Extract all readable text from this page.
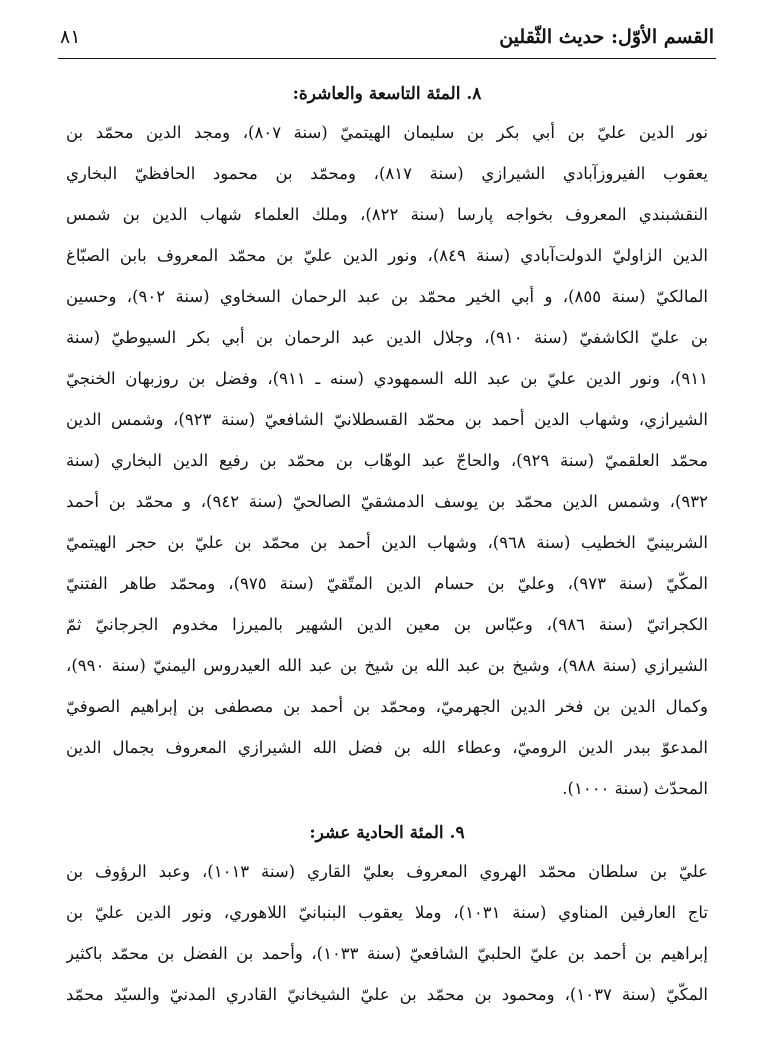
القسم الأوّل: حديث الثّقلين
٨١
٨. المئة التاسعة والعاشرة:
نور الدين عليّ بن أبي بكر بن سليمان الهيتميّ (سنة ٨٠٧)، ومجد الدين محمّد بن
يعقوب الفيروزآبادي الشيرازي (سنة ٨١٧)، ومحمّد بن محمود الحافظيّ البخاري
النقشبندي المعروف بخواجه پارسا (سنة ٨٢٢)، وملك العلماء شهاب الدين بن شمس
الدين الزاوليّ الدولت‌آبادي (سنة ٨٤٩)، ونور الدين عليّ بن محمّد المعروف بابن الصبّاغ
المالكيّ (سنة ٨٥٥)، و أبي الخير محمّد بن عبد الرحمان السخاوي (سنة ٩٠٢)، وحسين
بن عليّ الكاشفيّ (سنة ٩١٠)، وجلال الدين عبد الرحمان بن أبي بكر السيوطيّ (سنة
٩١١)، ونور الدين عليّ بن عبد الله السمهودي (سنه ـ ٩١١)، وفضل بن روزبهان الخنجيّ
الشيرازي، وشهاب الدين أحمد بن محمّد القسطلانيّ الشافعيّ (سنة ٩٢٣)، وشمس الدين
محمّد العلقميّ (سنة ٩٢٩)، والحاجّ عبد الوهّاب بن محمّد بن رفيع الدين البخاري (سنة
٩٣٢)، وشمس الدين محمّد بن يوسف الدمشقيّ الصالحيّ (سنة ٩٤٢)، و محمّد بن أحمد
الشربينيّ الخطيب (سنة ٩٦٨)، وشهاب الدين أحمد بن محمّد بن عليّ بن حجر الهيتميّ
المكّيّ (سنة ٩٧٣)، وعليّ بن حسام الدين المتّقيّ (سنة ٩٧٥)، ومحمّد طاهر الفتنيّ
الكجراتيّ (سنة ٩٨٦)، وعبّاس بن معين الدين الشهير بالميرزا مخدوم الجرجانيّ ثمّ
الشيرازي (سنة ٩٨٨)، وشيخ بن عبد الله بن شيخ بن عبد الله العيدروس اليمنيّ (سنة ٩٩٠)،
وكمال الدين بن فخر الدين الجهرميّ، ومحمّد بن أحمد بن مصطفى بن إبراهيم الصوفيّ
المدعوّ ببدر الدين الروميّ، وعطاء الله بن فضل الله الشيرازي المعروف بجمال الدين
المحدّث (سنة ١٠٠٠).
٩. المئة الحادية عشر:
عليّ بن سلطان محمّد الهروي المعروف بعليّ القاري (سنة ١٠١٣)، وعبد الرؤوف بن
تاج العارفين المناوي (سنة ١٠٣١)، وملا يعقوب البنبانيّ اللاهوري، ونور الدين عليّ بن
إبراهيم بن أحمد بن عليّ الحلبيّ الشافعيّ (سنة ١٠٣٣)، وأحمد بن الفضل بن محمّد باكثير
المكّيّ (سنة ١٠٣٧)، ومحمود بن محمّد بن عليّ الشيخانيّ القادري المدنيّ والسيّد محمّد
